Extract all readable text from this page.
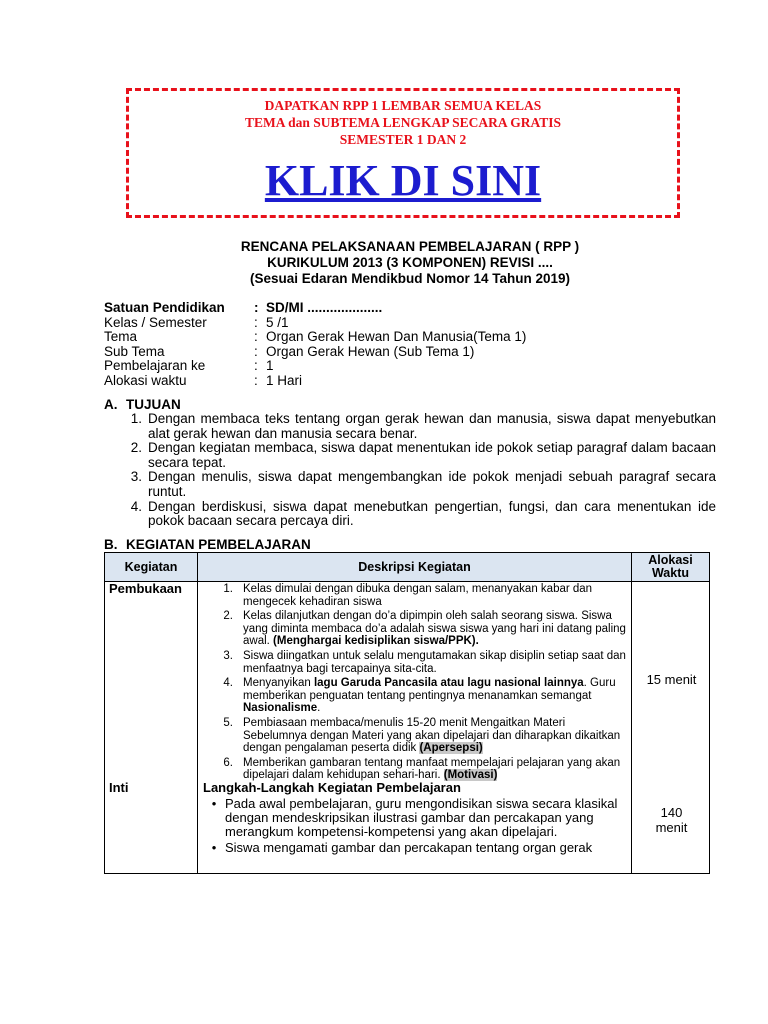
DAPATKAN RPP 1 LEMBAR SEMUA KELAS
TEMA dan SUBTEMA LENGKAP SECARA GRATIS
SEMESTER 1 DAN 2
KLIK DI SINI
RENCANA PELAKSANAAN PEMBELAJARAN ( RPP )
KURIKULUM 2013 (3 KOMPONEN) REVISI ....
(Sesuai Edaran Mendikbud Nomor 14 Tahun 2019)
Satuan Pendidikan	: SD/MI ....................
Kelas / Semester	: 5 /1
Tema	: Organ Gerak Hewan Dan Manusia(Tema 1)
Sub Tema	: Organ Gerak Hewan (Sub Tema 1)
Pembelajaran ke	: 1
Alokasi waktu	: 1 Hari
A. TUJUAN
1. Dengan membaca teks tentang organ gerak hewan dan manusia, siswa dapat menyebutkan alat gerak hewan dan manusia secara benar.
2. Dengan kegiatan membaca, siswa dapat menentukan ide pokok setiap paragraf dalam bacaan secara tepat.
3. Dengan menulis, siswa dapat mengembangkan ide pokok menjadi sebuah paragraf secara runtut.
4. Dengan berdiskusi, siswa dapat menebutkan pengertian, fungsi, dan cara menentukan ide pokok bacaan secara percaya diri.
B. KEGIATAN PEMBELAJARAN
Kegiatan	Deskripsi Kegiatan	Alokasi
Waktu
Pembukaan	1. Kelas dimulai dengan dibuka dengan salam, menanyakan kabar dan mengecek kehadiran siswa
2. Kelas dilanjutkan dengan do’a dipimpin oleh salah seorang siswa. Siswa yang diminta membaca do’a adalah siswa siswa yang hari ini datang paling awal. (Menghargai kedisiplikan siswa/PPK).
3. Siswa diingatkan untuk selalu mengutamakan sikap disiplin setiap saat dan menfaatnya bagi tercapainya sita-cita.
4. Menyanyikan lagu Garuda Pancasila atau lagu nasional lainnya. Guru memberikan penguatan tentang pentingnya menanamkan semangat Nasionalisme.
5. Pembiasaan membaca/menulis 15-20 menit Mengaitkan Materi Sebelumnya dengan Materi yang akan dipelajari dan diharapkan dikaitkan dengan pengalaman peserta didik (Apersepsi)
6. Memberikan gambaran tentang manfaat mempelajari pelajaran yang akan dipelajari dalam kehidupan sehari-hari. (Motivasi)
15 menit
Inti	Langkah-Langkah Kegiatan Pembelajaran
• Pada awal pembelajaran, guru mengondisikan siswa secara klasikal dengan mendeskripsikan ilustrasi gambar dan percakapan yang merangkum kompetensi-kompetensi yang akan dipelajari.
• Siswa mengamati gambar dan percakapan tentang organ gerak
140
menit
